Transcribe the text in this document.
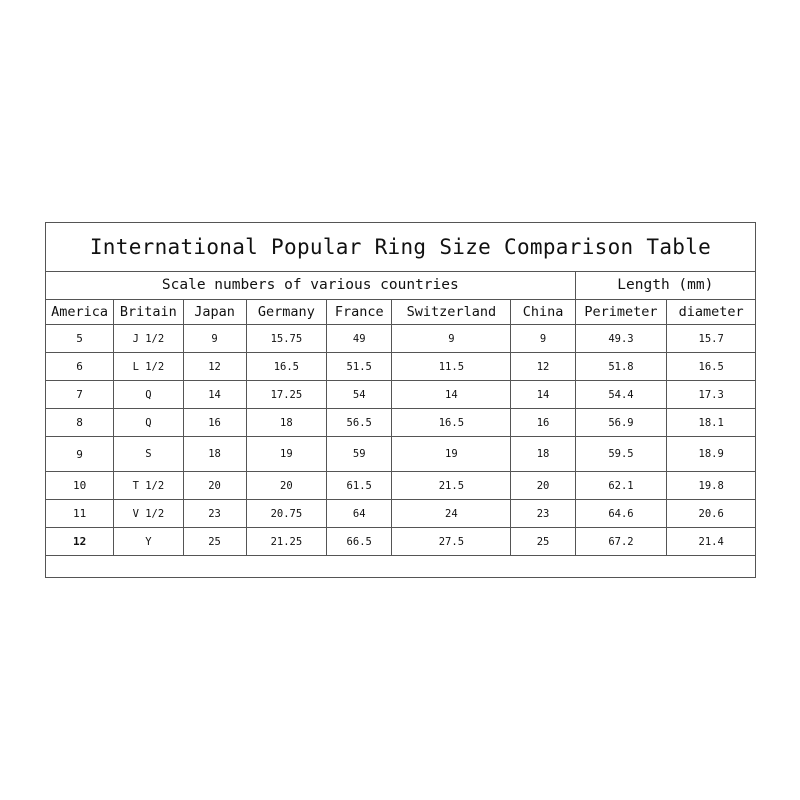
International Popular Ring Size Comparison Table								
Scale numbers of various countries							Length (mm)	
America	Britain	Japan	Germany	France	Switzerland	China	Perimeter	diameter
5	J 1/2	9	15.75	49	9	9	49.3	15.7
6	L 1/2	12	16.5	51.5	11.5	12	51.8	16.5
7	Q	14	17.25	54	14	14	54.4	17.3
8	Q	16	18	56.5	16.5	16	56.9	18.1
9	S	18	19	59	19	18	59.5	18.9
10	T 1/2	20	20	61.5	21.5	20	62.1	19.8
11	V 1/2	23	20.75	64	24	23	64.6	20.6
12	Y	25	21.25	66.5	27.5	25	67.2	21.4
